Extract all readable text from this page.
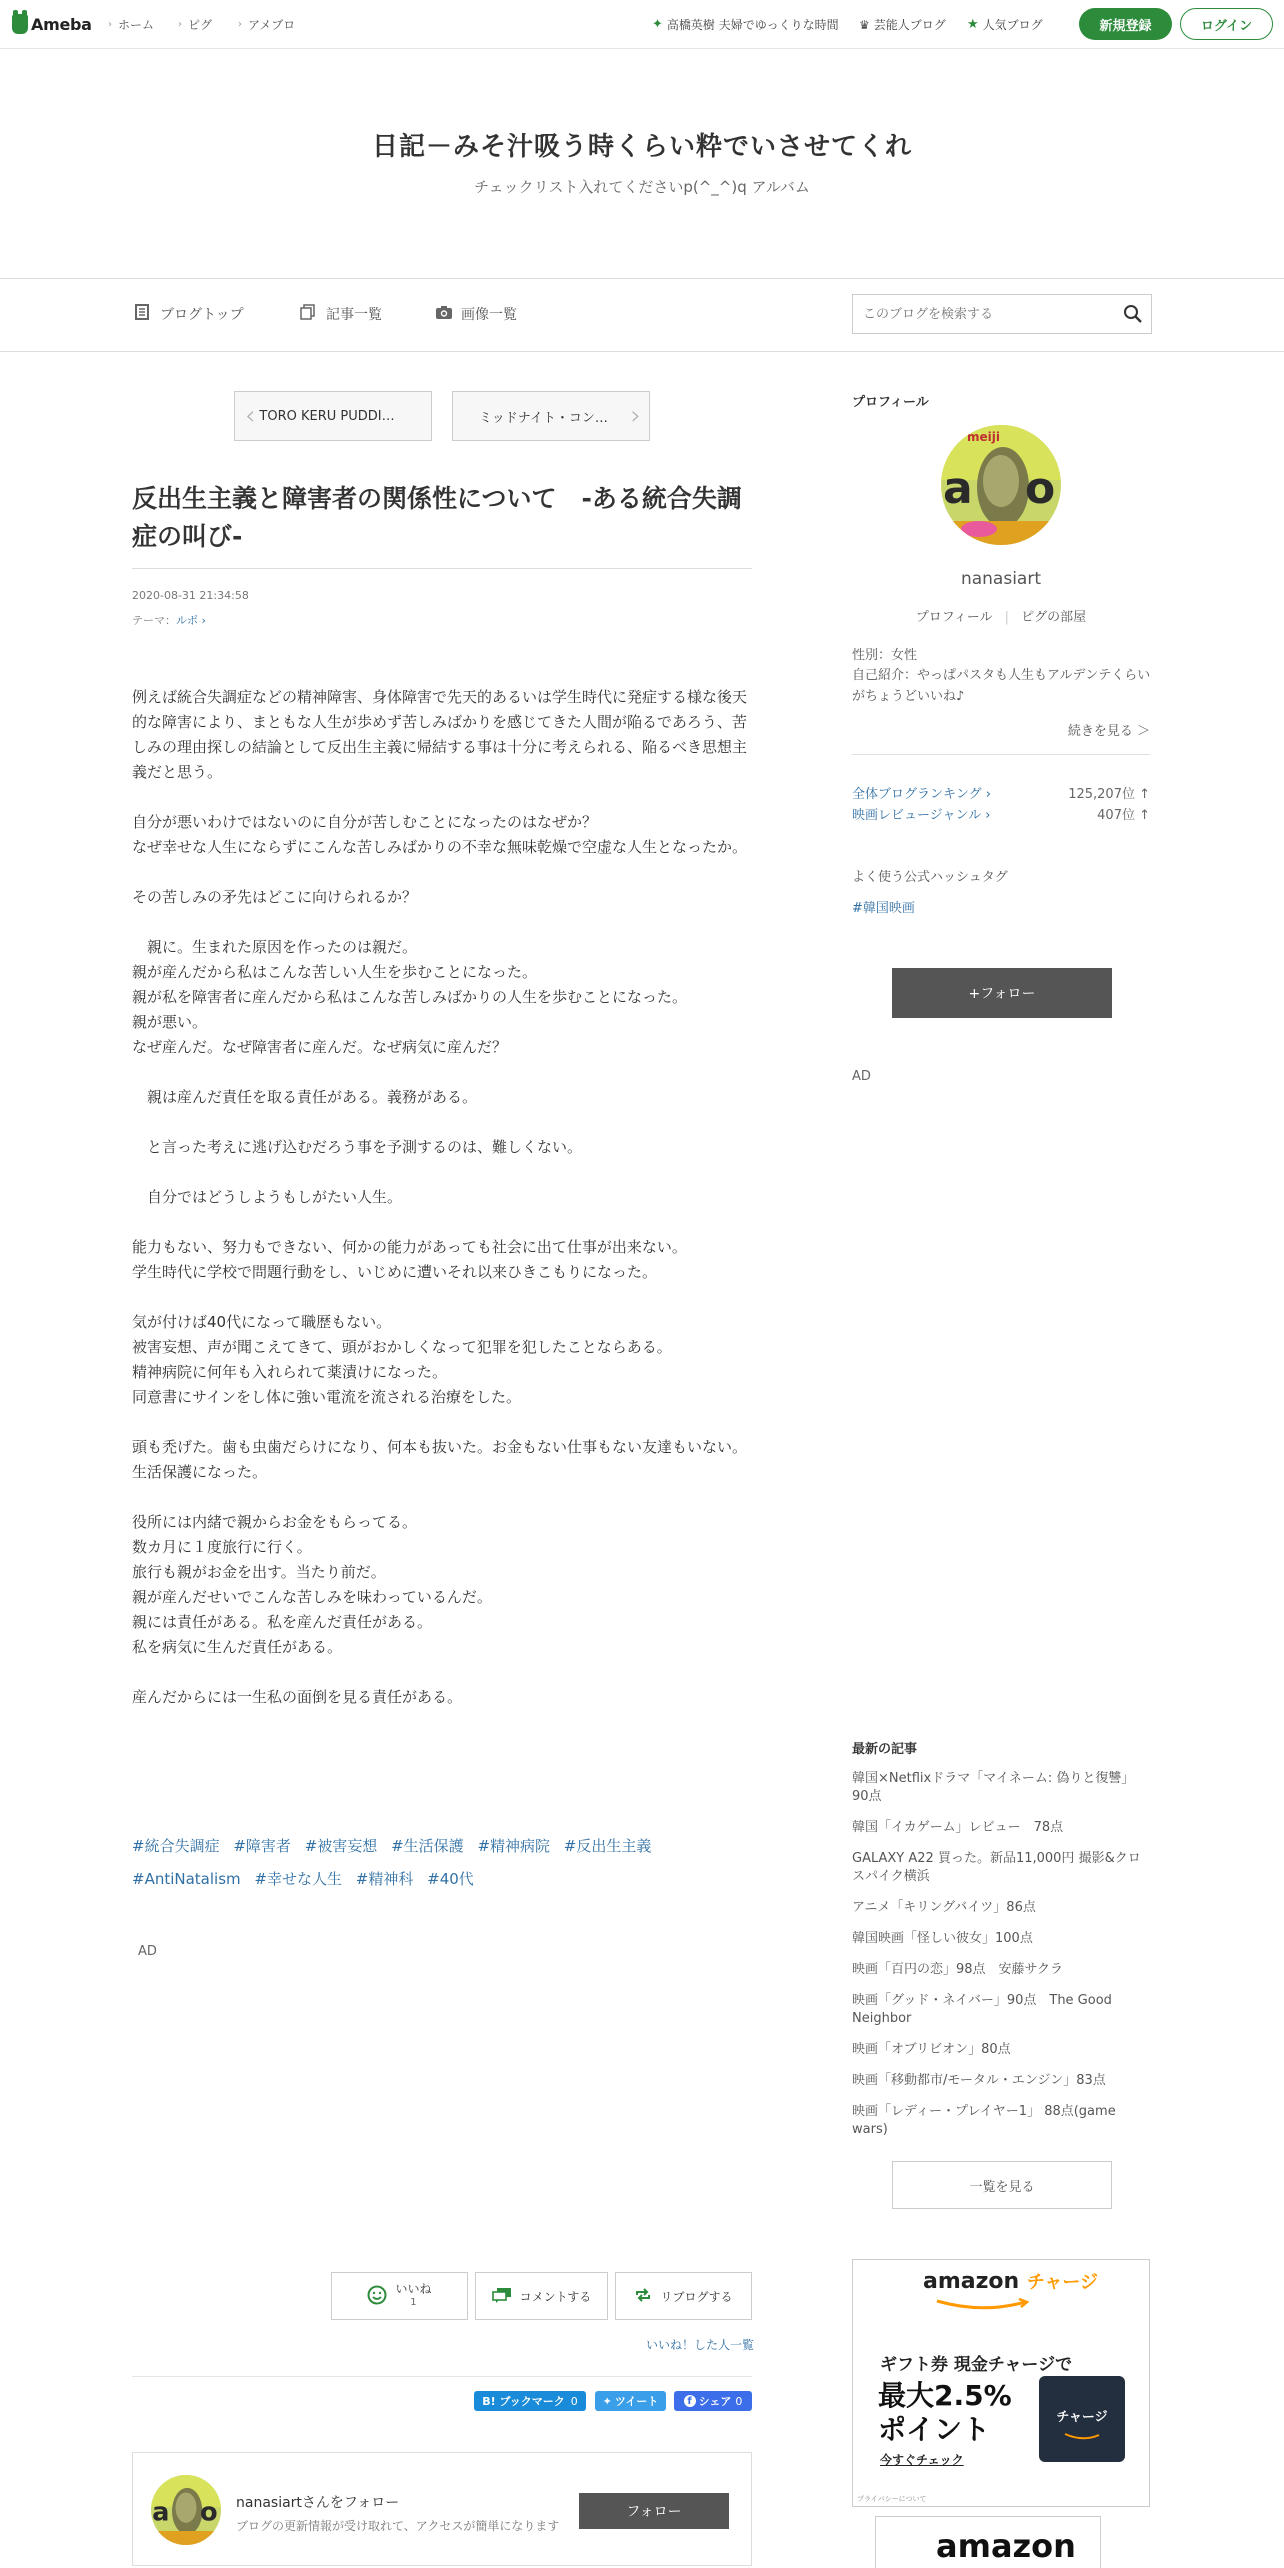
Ameba › ホーム › ピグ	› アメブロ	✦ 高橋英樹 夫婦でゆっくりな時間 ♛ 芸能人ブログ ★ 人気ブログ	新規登録	ログイン
日記－みそ汁吸う時くらい粋でいさせてくれ
チェックリスト入れてくださいp(^_^)q アルバム
ブログトップ	記事一覧	画像一覧
このブログを検索する
‹ TORO KERU PUDDI…	ミッドナイト・コン… ›
反出生主義と障害者の関係性について　-ある統合失調症の叫び-
2020-08-31 21:34:58
テーマ：ルポ ›

例えば統合失調症などの精神障害、身体障害で先天的あるいは学生時代に発症する様な後天的な障害により、まともな人生が歩めず苦しみばかりを感じてきた人間が陥るであろう、苦しみの理由探しの結論として反出生主義に帰結する事は十分に考えられる、陥るべき思想主義だと思う。

自分が悪いわけではないのに自分が苦しむことになったのはなぜか？
なぜ幸せな人生にならずにこんな苦しみばかりの不幸な無味乾燥で空虚な人生となったか。

その苦しみの矛先はどこに向けられるか？

　親に。生まれた原因を作ったのは親だ。
親が産んだから私はこんな苦しい人生を歩むことになった。
親が私を障害者に産んだから私はこんな苦しみばかりの人生を歩むことになった。
親が悪い。
なぜ産んだ。なぜ障害者に産んだ。なぜ病気に産んだ？

　親は産んだ責任を取る責任がある。義務がある。

　と言った考えに逃げ込むだろう事を予測するのは、難しくない。

　自分ではどうしようもしがたい人生。

能力もない、努力もできない、何かの能力があっても社会に出て仕事が出来ない。
学生時代に学校で問題行動をし、いじめに遭いそれ以来ひきこもりになった。

気が付けば40代になって職歴もない。
被害妄想、声が聞こえてきて、頭がおかしくなって犯罪を犯したことならある。
精神病院に何年も入れられて薬漬けになった。
同意書にサインをし体に強い電流を流される治療をした。

頭も禿げた。歯も虫歯だらけになり、何本も抜いた。お金もない仕事もない友達もいない。
生活保護になった。

役所には内緒で親からお金をもらってる。
数カ月に１度旅行に行く。
旅行も親がお金を出す。当たり前だ。
親が産んだせいでこんな苦しみを味わっているんだ。
親には責任がある。私を産んだ責任がある。
私を病気に生んだ責任がある。

産んだからには一生私の面倒を見る責任がある。

#統合失調症 #障害者 #被害妄想 #生活保護 #精神病院 #反出生主義
#AntiNatalism #幸せな人生 #精神科 #40代
AD
いいね
1	コメントする	リブログする
いいね！した人一覧
B! ブックマーク 0 ✦ ツイート	f シェア 0
a o nanasiartさんをフォロー
ブログの更新情報が受け取れて、アクセスが簡単になります
フォロー
プロフィール
meiji
a o
nanasiart
プロフィール | ピグの部屋
性別：女性
自己紹介：やっぱパスタも人生もアルデンテくらいがちょうどいいね♪
続きを見る ＞
全体ブログランキング ›	125,207位 ↑
映画レビュージャンル ›	407位 ↑
よく使う公式ハッシュタグ
#韓国映画
+フォロー
AD
最新の記事
韓国×Netflixドラマ「マイネーム: 偽りと復讐」90点
韓国「イカゲーム」レビュー　78点
GALAXY A22 買った。新品11,000円 撮影&クロスパイク横浜
アニメ「キリングバイツ」86点
韓国映画「怪しい彼女」100点
映画「百円の恋」98点　安藤サクラ
映画「グッド・ネイバー」90点　The Good Neighbor
映画「オブリビオン」80点
映画「移動都市/モータル・エンジン」83点
映画「レディー・プレイヤー1」 88点(game wars)
一覧を見る
amazon チャージ
ギフト券 現金チャージで
最大2.5%
ポイント
今すぐチェック
チャージ
プライバシーについて
amazon
